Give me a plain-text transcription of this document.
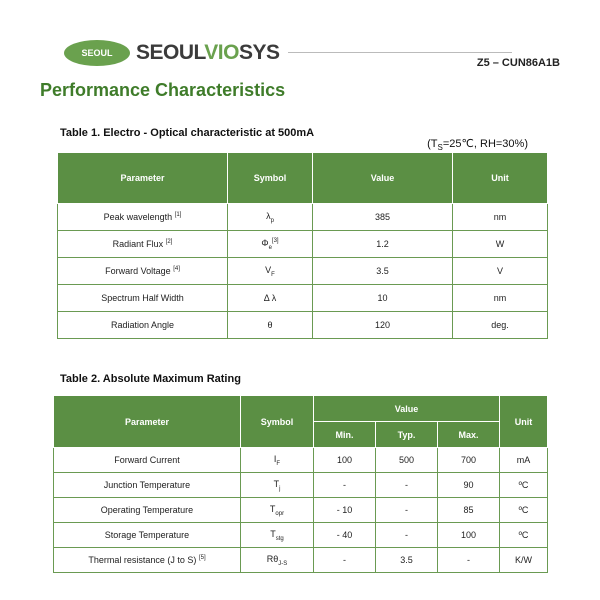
SEOUL	SEOULVIOSYS	Z5 – CUN86A1B
Performance Characteristics
Table 1. Electro - Optical characteristic at 500mA
($T_S=25℃$, RH=30%)
Parameter	Symbol	Value	Unit
Peak wavelength [1]	$\lambda_p$	385	nm
Radiant Flux [2]	$\Phi_e[3]$	1.2	W
Forward Voltage [4]	$V_F$	3.5	V
Spectrum Half Width	Δ λ	10	nm
Radiation Angle	θ	120	deg.
Table 2. Absolute Maximum Rating
Parameter	Symbol	Value			Unit
		Min.	Typ.	Max.	
Forward Current	$I_F$	100	500	700	mA
Junction Temperature	$T_j$	-	-	90	ºC
Operating Temperature	$T_{opr}$	- 10	-	85	ºC
Storage Temperature	$T_{stg}$	- 40	-	100	ºC
Thermal resistance (J to S) [5]	$R\theta_{J-S}$	-	3.5	-	K/W
